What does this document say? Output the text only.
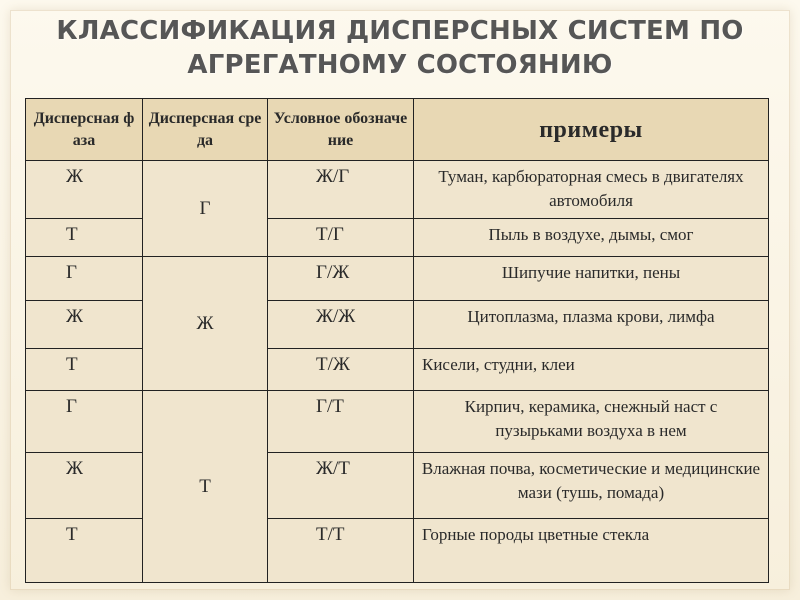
КЛАССИФИКАЦИЯ ДИСПЕРСНЫХ СИСТЕМ ПО
АГРЕГАТНОМУ СОСТОЯНИЮ
Дисперсная фаза	Дисперсная среда	Условное обозначение	примеры
Ж	Г	Ж/Г	Туман, карбюраторная смесь в двигателях автомобиля
Т		Т/Г	Пыль в воздухе, дымы, смог
Г	Ж	Г/Ж	Шипучие напитки, пены
Ж		Ж/Ж	Цитоплазма, плазма крови, лимфа
Т		Т/Ж	Кисели, студни, клеи
Г	Т	Г/Т	Кирпич, керамика, снежный наст с пузырьками воздуха в нем
Ж		Ж/Т	Влажная почва, косметические и медицинские мази (тушь, помада)
Т		Т/Т	Горные породы цветные стекла
